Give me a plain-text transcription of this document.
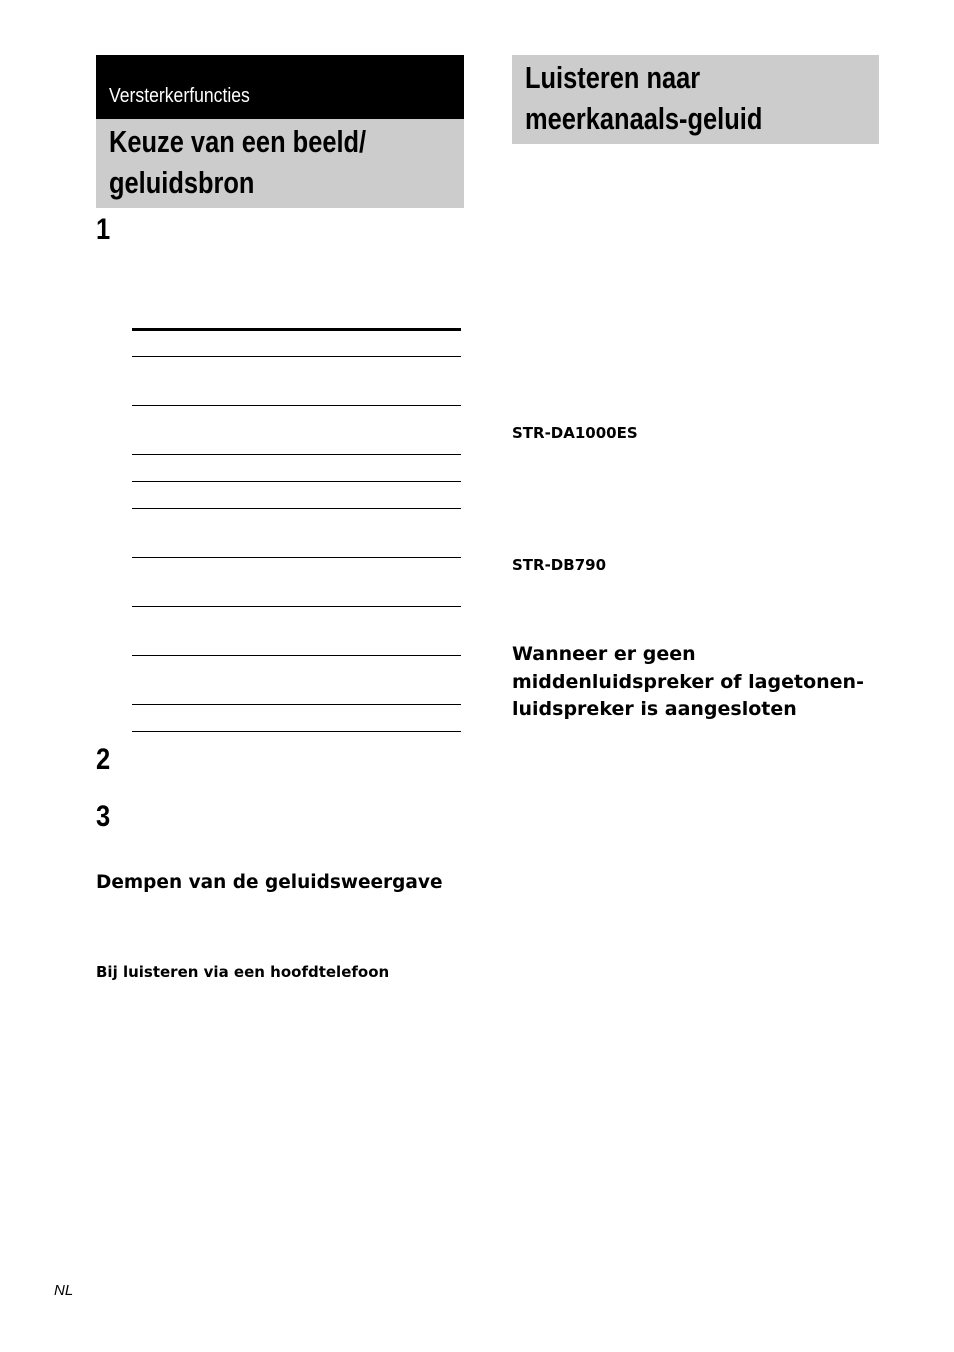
Versterkerfuncties
Keuze van een beeld/
geluidsbron
1
2
3
Dempen van de geluidsweergave
Bij luisteren via een hoofdtelefoon
Luisteren naar
meerkanaals-geluid
STR-DA1000ES
STR-DB790
Wanneer er geen
middenluidspreker of lagetonen-
luidspreker is aangesloten
NL
